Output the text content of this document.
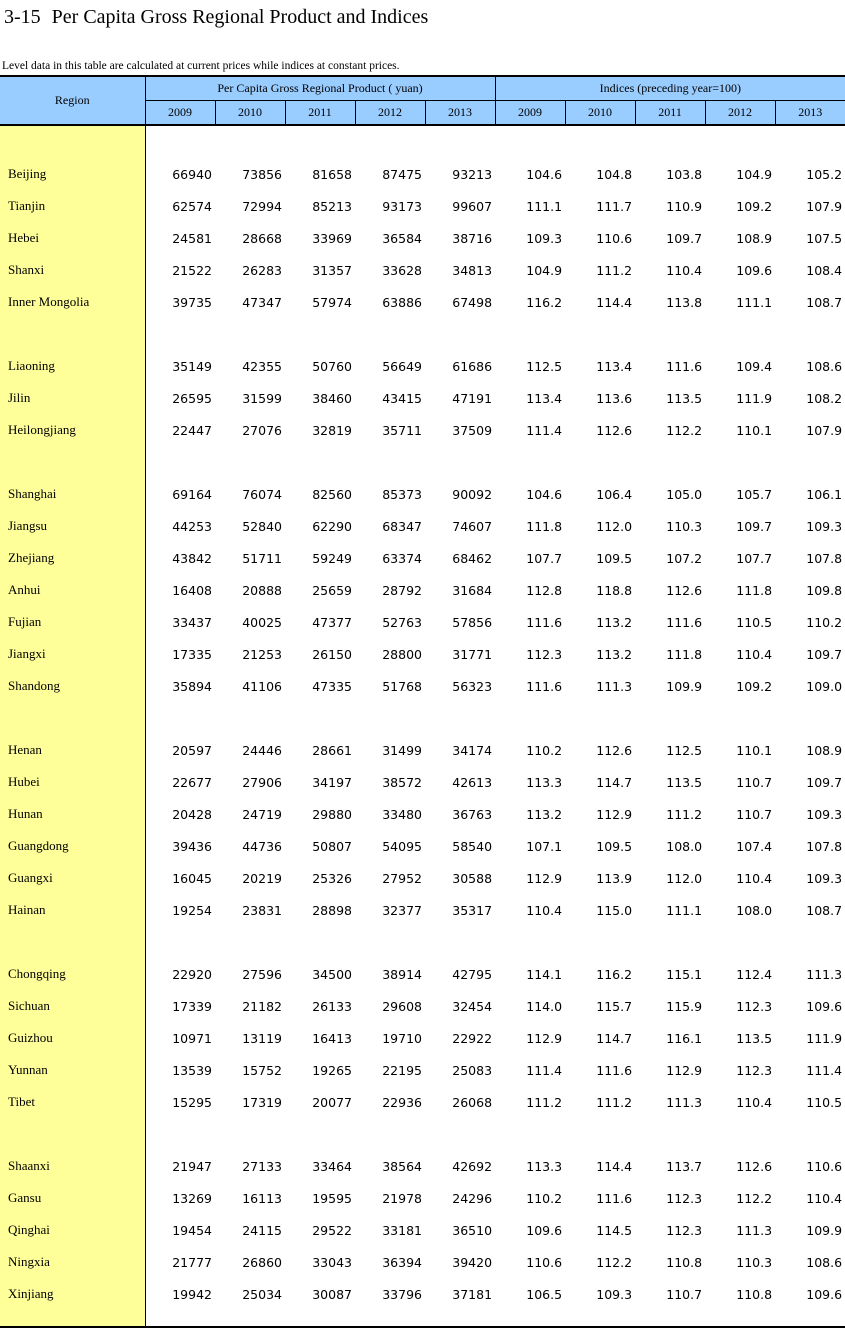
3-15 Per Capita Gross Regional Product and Indices
Level data in this table are calculated at current prices while indices at constant prices.
Region	Per Capita Gross Regional Product ( yuan)					Indices (preceding year=100)				
	2009	2010	2011	2012	2013	2009	2010	2011	2012	2013

Beijing	66940	73856	81658	87475	93213	104.6	104.8	103.8	104.9	105.2
Tianjin	62574	72994	85213	93173	99607	111.1	111.7	110.9	109.2	107.9
Hebei	24581	28668	33969	36584	38716	109.3	110.6	109.7	108.9	107.5
Shanxi	21522	26283	31357	33628	34813	104.9	111.2	110.4	109.6	108.4
Inner Mongolia	39735	47347	57974	63886	67498	116.2	114.4	113.8	111.1	108.7

Liaoning	35149	42355	50760	56649	61686	112.5	113.4	111.6	109.4	108.6
Jilin	26595	31599	38460	43415	47191	113.4	113.6	113.5	111.9	108.2
Heilongjiang	22447	27076	32819	35711	37509	111.4	112.6	112.2	110.1	107.9

Shanghai	69164	76074	82560	85373	90092	104.6	106.4	105.0	105.7	106.1
Jiangsu	44253	52840	62290	68347	74607	111.8	112.0	110.3	109.7	109.3
Zhejiang	43842	51711	59249	63374	68462	107.7	109.5	107.2	107.7	107.8
Anhui	16408	20888	25659	28792	31684	112.8	118.8	112.6	111.8	109.8
Fujian	33437	40025	47377	52763	57856	111.6	113.2	111.6	110.5	110.2
Jiangxi	17335	21253	26150	28800	31771	112.3	113.2	111.8	110.4	109.7
Shandong	35894	41106	47335	51768	56323	111.6	111.3	109.9	109.2	109.0

Henan	20597	24446	28661	31499	34174	110.2	112.6	112.5	110.1	108.9
Hubei	22677	27906	34197	38572	42613	113.3	114.7	113.5	110.7	109.7
Hunan	20428	24719	29880	33480	36763	113.2	112.9	111.2	110.7	109.3
Guangdong	39436	44736	50807	54095	58540	107.1	109.5	108.0	107.4	107.8
Guangxi	16045	20219	25326	27952	30588	112.9	113.9	112.0	110.4	109.3
Hainan	19254	23831	28898	32377	35317	110.4	115.0	111.1	108.0	108.7

Chongqing	22920	27596	34500	38914	42795	114.1	116.2	115.1	112.4	111.3
Sichuan	17339	21182	26133	29608	32454	114.0	115.7	115.9	112.3	109.6
Guizhou	10971	13119	16413	19710	22922	112.9	114.7	116.1	113.5	111.9
Yunnan	13539	15752	19265	22195	25083	111.4	111.6	112.9	112.3	111.4
Tibet	15295	17319	20077	22936	26068	111.2	111.2	111.3	110.4	110.5

Shaanxi	21947	27133	33464	38564	42692	113.3	114.4	113.7	112.6	110.6
Gansu	13269	16113	19595	21978	24296	110.2	111.6	112.3	112.2	110.4
Qinghai	19454	24115	29522	33181	36510	109.6	114.5	112.3	111.3	109.9
Ningxia	21777	26860	33043	36394	39420	110.6	112.2	110.8	110.3	108.6
Xinjiang	19942	25034	30087	33796	37181	106.5	109.3	110.7	110.8	109.6
